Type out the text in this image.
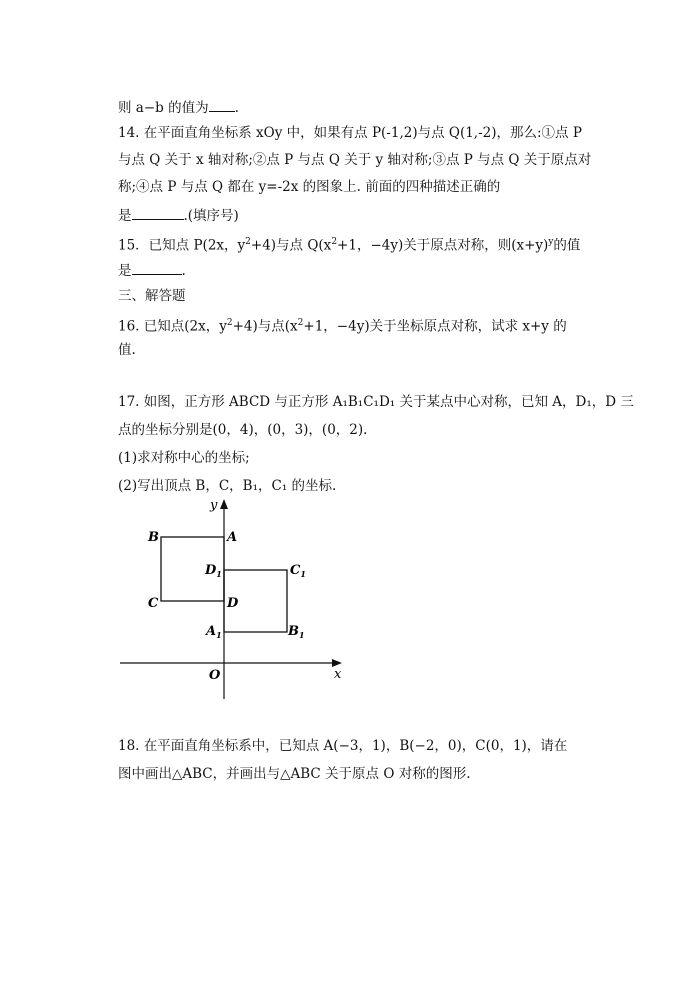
则 a−b 的值为 .
14. 在平面直角坐标系 xOy 中，如果有点 P(-1,2)与点 Q(1,-2)，那么:①点 P
与点 Q 关于 x 轴对称;②点 P 与点 Q 关于 y 轴对称;③点 P 与点 Q 关于原点对
称;④点 P 与点 Q 都在 y=-2x 的图象上. 前面的四种描述正确的
是	.(填序号)
15．已知点 P(2x，$y^2+4$)与点 $Q(x^2+1$，−4y)关于原点对称，则$(x+y)^y$的值
是	.
三、解答题
16. 已知点(2x，$y^2+4$)与点($x^2+1$，−4y)关于坐标原点对称，试求 x+y 的
值.
17. 如图，正方形 ABCD 与正方形 A₁B₁C₁D₁ 关于某点中心对称，已知 A，D₁，D 三
点的坐标分别是(0，4)，(0，3)，(0，2).
(1)求对称中心的坐标;
(2)写出顶点 B，C，B₁，C₁ 的坐标.
y
x
O
B	A
$D_1$	$C_1$
C	D
$A_1$	$B_1$
18. 在平面直角坐标系中，已知点 A(−3，1)，B(−2，0)，C(0，1)，请在
图中画出△ABC，并画出与△ABC 关于原点 O 对称的图形.
